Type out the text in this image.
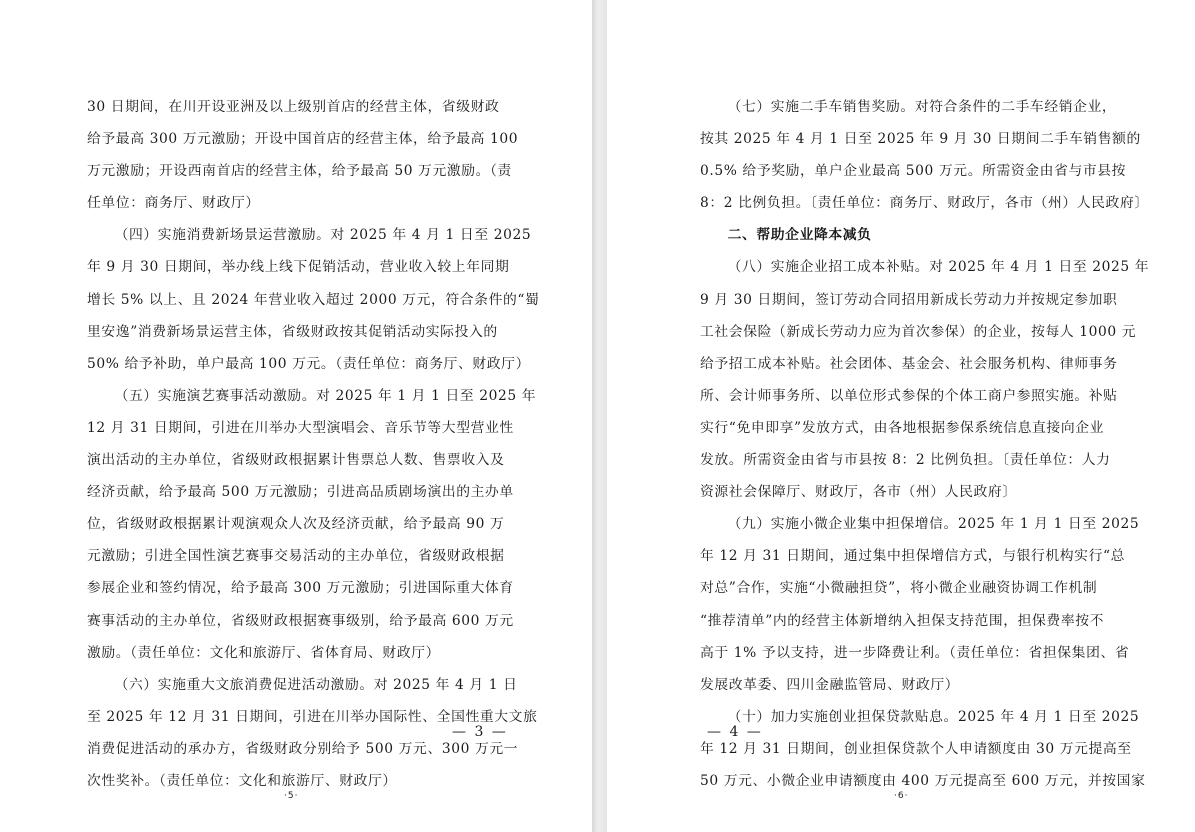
30 日期间，在川开设亚洲及以上级别首店的经营主体，省级财政
给予最高 300 万元激励；开设中国首店的经营主体，给予最高 100
万元激励；开设西南首店的经营主体，给予最高 50 万元激励。（责
任单位：商务厅、财政厅）
（四）实施消费新场景运营激励。对 2025 年 4 月 1 日至 2025
年 9 月 30 日期间，举办线上线下促销活动，营业收入较上年同期
增长 5% 以上、且 2024 年营业收入超过 2000 万元，符合条件的“蜀
里安逸”消费新场景运营主体，省级财政按其促销活动实际投入的
50% 给予补助，单户最高 100 万元。（责任单位：商务厅、财政厅）
（五）实施演艺赛事活动激励。对 2025 年 1 月 1 日至 2025 年
12 月 31 日期间，引进在川举办大型演唱会、音乐节等大型营业性
演出活动的主办单位，省级财政根据累计售票总人数、售票收入及
经济贡献，给予最高 500 万元激励；引进高品质剧场演出的主办单
位，省级财政根据累计观演观众人次及经济贡献，给予最高 90 万
元激励；引进全国性演艺赛事交易活动的主办单位，省级财政根据
参展企业和签约情况，给予最高 300 万元激励；引进国际重大体育
赛事活动的主办单位，省级财政根据赛事级别，给予最高 600 万元
激励。（责任单位：文化和旅游厅、省体育局、财政厅）
（六）实施重大文旅消费促进活动激励。对 2025 年 4 月 1 日
至 2025 年 12 月 31 日期间，引进在川举办国际性、全国性重大文旅
消费促进活动的承办方，省级财政分别给予 500 万元、300 万元一
次性奖补。（责任单位：文化和旅游厅、财政厅）
— 3 —
·5·
（七）实施二手车销售奖励。对符合条件的二手车经销企业，
按其 2025 年 4 月 1 日至 2025 年 9 月 30 日期间二手车销售额的
0.5% 给予奖励，单户企业最高 500 万元。所需资金由省与市县按
8：2 比例负担。〔责任单位：商务厅、财政厅，各市（州）人民政府〕
二、帮助企业降本减负
（八）实施企业招工成本补贴。对 2025 年 4 月 1 日至 2025 年
9 月 30 日期间，签订劳动合同招用新成长劳动力并按规定参加职
工社会保险（新成长劳动力应为首次参保）的企业，按每人 1000 元
给予招工成本补贴。社会团体、基金会、社会服务机构、律师事务
所、会计师事务所、以单位形式参保的个体工商户参照实施。补贴
实行“免申即享”发放方式，由各地根据参保系统信息直接向企业
发放。所需资金由省与市县按 8：2 比例负担。〔责任单位：人力
资源社会保障厅、财政厅，各市（州）人民政府〕
（九）实施小微企业集中担保增信。2025 年 1 月 1 日至 2025
年 12 月 31 日期间，通过集中担保增信方式，与银行机构实行“总
对总”合作，实施“小微融担贷”，将小微企业融资协调工作机制
“推荐清单”内的经营主体新增纳入担保支持范围，担保费率按不
高于 1% 予以支持，进一步降费让利。（责任单位：省担保集团、省
发展改革委、四川金融监管局、财政厅）
（十）加力实施创业担保贷款贴息。2025 年 4 月 1 日至 2025
年 12 月 31 日期间，创业担保贷款个人申请额度由 30 万元提高至
50 万元、小微企业申请额度由 400 万元提高至 600 万元，并按国家
— 4 —
·6·
